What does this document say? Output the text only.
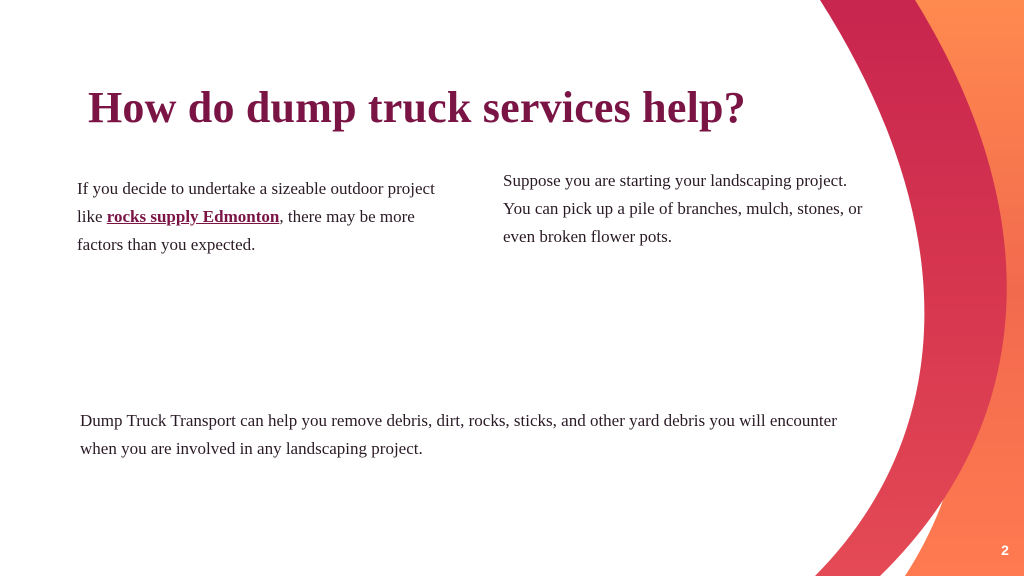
How do dump truck services help?

If you decide to undertake a sizeable outdoor project like rocks supply Edmonton, there may be more factors than you expected.

Suppose you are starting your landscaping project. You can pick up a pile of branches, mulch, stones, or even broken flower pots.

Dump Truck Transport can help you remove debris, dirt, rocks, sticks, and other yard debris you will encounter when you are involved in any landscaping project.

2
